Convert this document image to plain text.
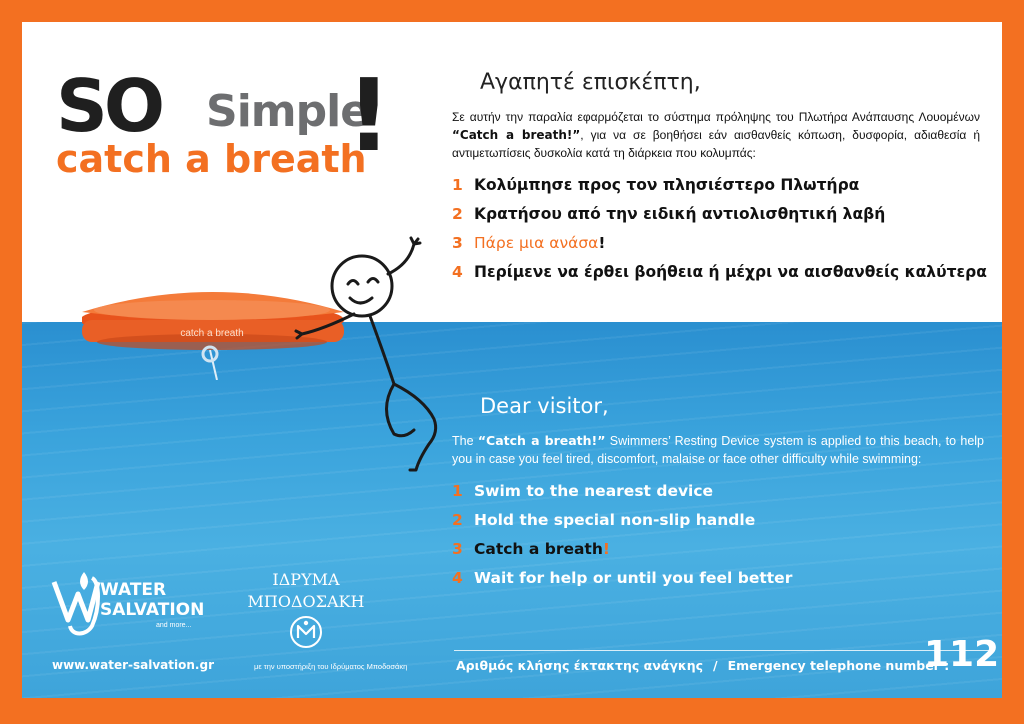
SO Simple
!
catch a breath
Αγαπητέ επισκέπτη,
Σε αυτήν την παραλία εφαρμόζεται το σύστημα πρόληψης του Πλωτήρα Ανάπαυσης Λουομένων “Catch a breath!”, για να σε βοηθήσει εάν αισθανθείς κόπωση, δυσφορία, αδιαθεσία ή αντιμετωπίσεις δυσκολία κατά τη διάρκεια που κολυμπάς:
1 Κολύμπησε προς τον πλησιέστερο Πλωτήρα
2 Κρατήσου από την ειδική αντιολισθητική λαβή
3 Πάρε μια ανάσα !
4 Περίμενε να έρθει βοήθεια ή μέχρι να αισθανθείς καλύτερα
catch a breath
Dear visitor,
The “Catch a breath!” Swimmers’ Resting Device system is applied to this beach, to help you in case you feel tired, discomfort, malaise or face other difficulty while swimming:
1 Swim to the nearest device
2 Hold the special non-slip handle
3 Catch a breath !
4 Wait for help or until you feel better
Αριθμός κλήσης έκτακτης ανάγκης / Emergency telephone number :
112
WATER
SALVATION
and more...
www.water-salvation.gr
ΙΔΡΥΜΑ
ΜΠΟΔΟΣΑΚΗ
με την υποστήριξη του Ιδρύματος Μποδοσάκη
